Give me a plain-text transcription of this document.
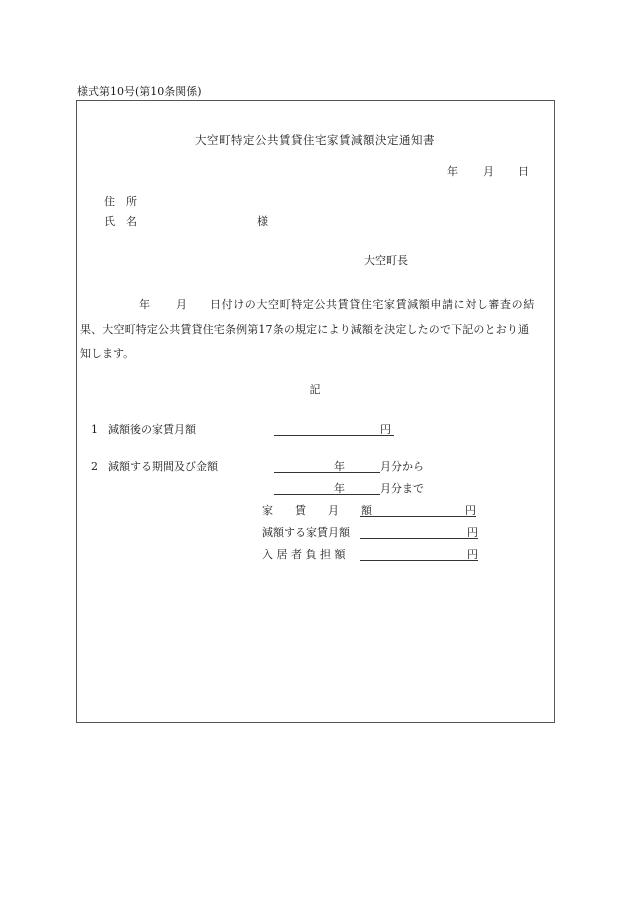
様式第10号(第10条関係)
大空町特定公共賃貸住宅家賃減額決定通知書
年 月 日
住　所
氏　名	様
大空町長
年 月 日付けの大空町特定公共賃貸住宅家賃減額申請に対し審査の結
果、大空町特定公共賃貸住宅条例第17条の規定により減額を決定したので下記のとおり通
知します。
記
1 減額後の家賃月額	円
2 減額する期間及び金額	年	月分から
年	月分まで
家　　賃　　月　　額	円
減額する家賃月額	円
入 居 者 負 担 額	円
